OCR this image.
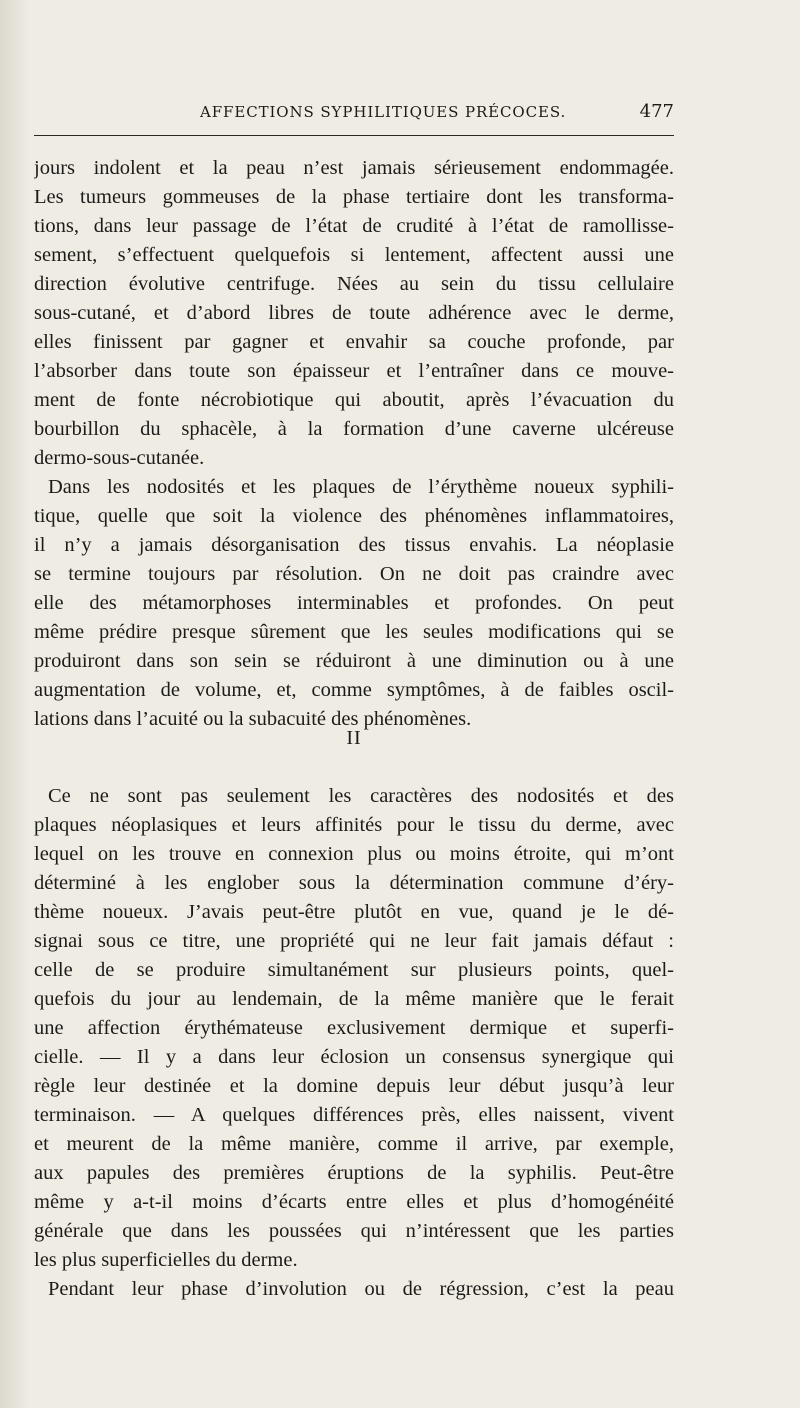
AFFECTIONS SYPHILITIQUES PRÉCOCES.	477
jours indolent et la peau n’est jamais sérieusement endommagée.
Les tumeurs gommeuses de la phase tertiaire dont les transforma-
tions, dans leur passage de l’état de crudité à l’état de ramollisse-
sement, s’effectuent quelquefois si lentement, affectent aussi une
direction évolutive centrifuge. Nées au sein du tissu cellulaire
sous-cutané, et d’abord libres de toute adhérence avec le derme,
elles finissent par gagner et envahir sa couche profonde, par
l’absorber dans toute son épaisseur et l’entraîner dans ce mouve-
ment de fonte nécrobiotique qui aboutit, après l’évacuation du
bourbillon du sphacèle, à la formation d’une caverne ulcéreuse
dermo-sous-cutanée.
Dans les nodosités et les plaques de l’érythème noueux syphili-
tique, quelle que soit la violence des phénomènes inflammatoires,
il n’y a jamais désorganisation des tissus envahis. La néoplasie
se termine toujours par résolution. On ne doit pas craindre avec
elle des métamorphoses interminables et profondes. On peut
même prédire presque sûrement que les seules modifications qui se
produiront dans son sein se réduiront à une diminution ou à une
augmentation de volume, et, comme symptômes, à de faibles oscil-
lations dans l’acuité ou la subacuité des phénomènes.
II
Ce ne sont pas seulement les caractères des nodosités et des
plaques néoplasiques et leurs affinités pour le tissu du derme, avec
lequel on les trouve en connexion plus ou moins étroite, qui m’ont
déterminé à les englober sous la détermination commune d’éry-
thème noueux. J’avais peut-être plutôt en vue, quand je le dé-
signai sous ce titre, une propriété qui ne leur fait jamais défaut :
celle de se produire simultanément sur plusieurs points, quel-
quefois du jour au lendemain, de la même manière que le ferait
une affection érythémateuse exclusivement dermique et superfi-
cielle. — Il y a dans leur éclosion un consensus synergique qui
règle leur destinée et la domine depuis leur début jusqu’à leur
terminaison. — A quelques différences près, elles naissent, vivent
et meurent de la même manière, comme il arrive, par exemple,
aux papules des premières éruptions de la syphilis. Peut-être
même y a-t-il moins d’écarts entre elles et plus d’homogénéité
générale que dans les poussées qui n’intéressent que les parties
les plus superficielles du derme.
Pendant leur phase d’involution ou de régression, c’est la peau
